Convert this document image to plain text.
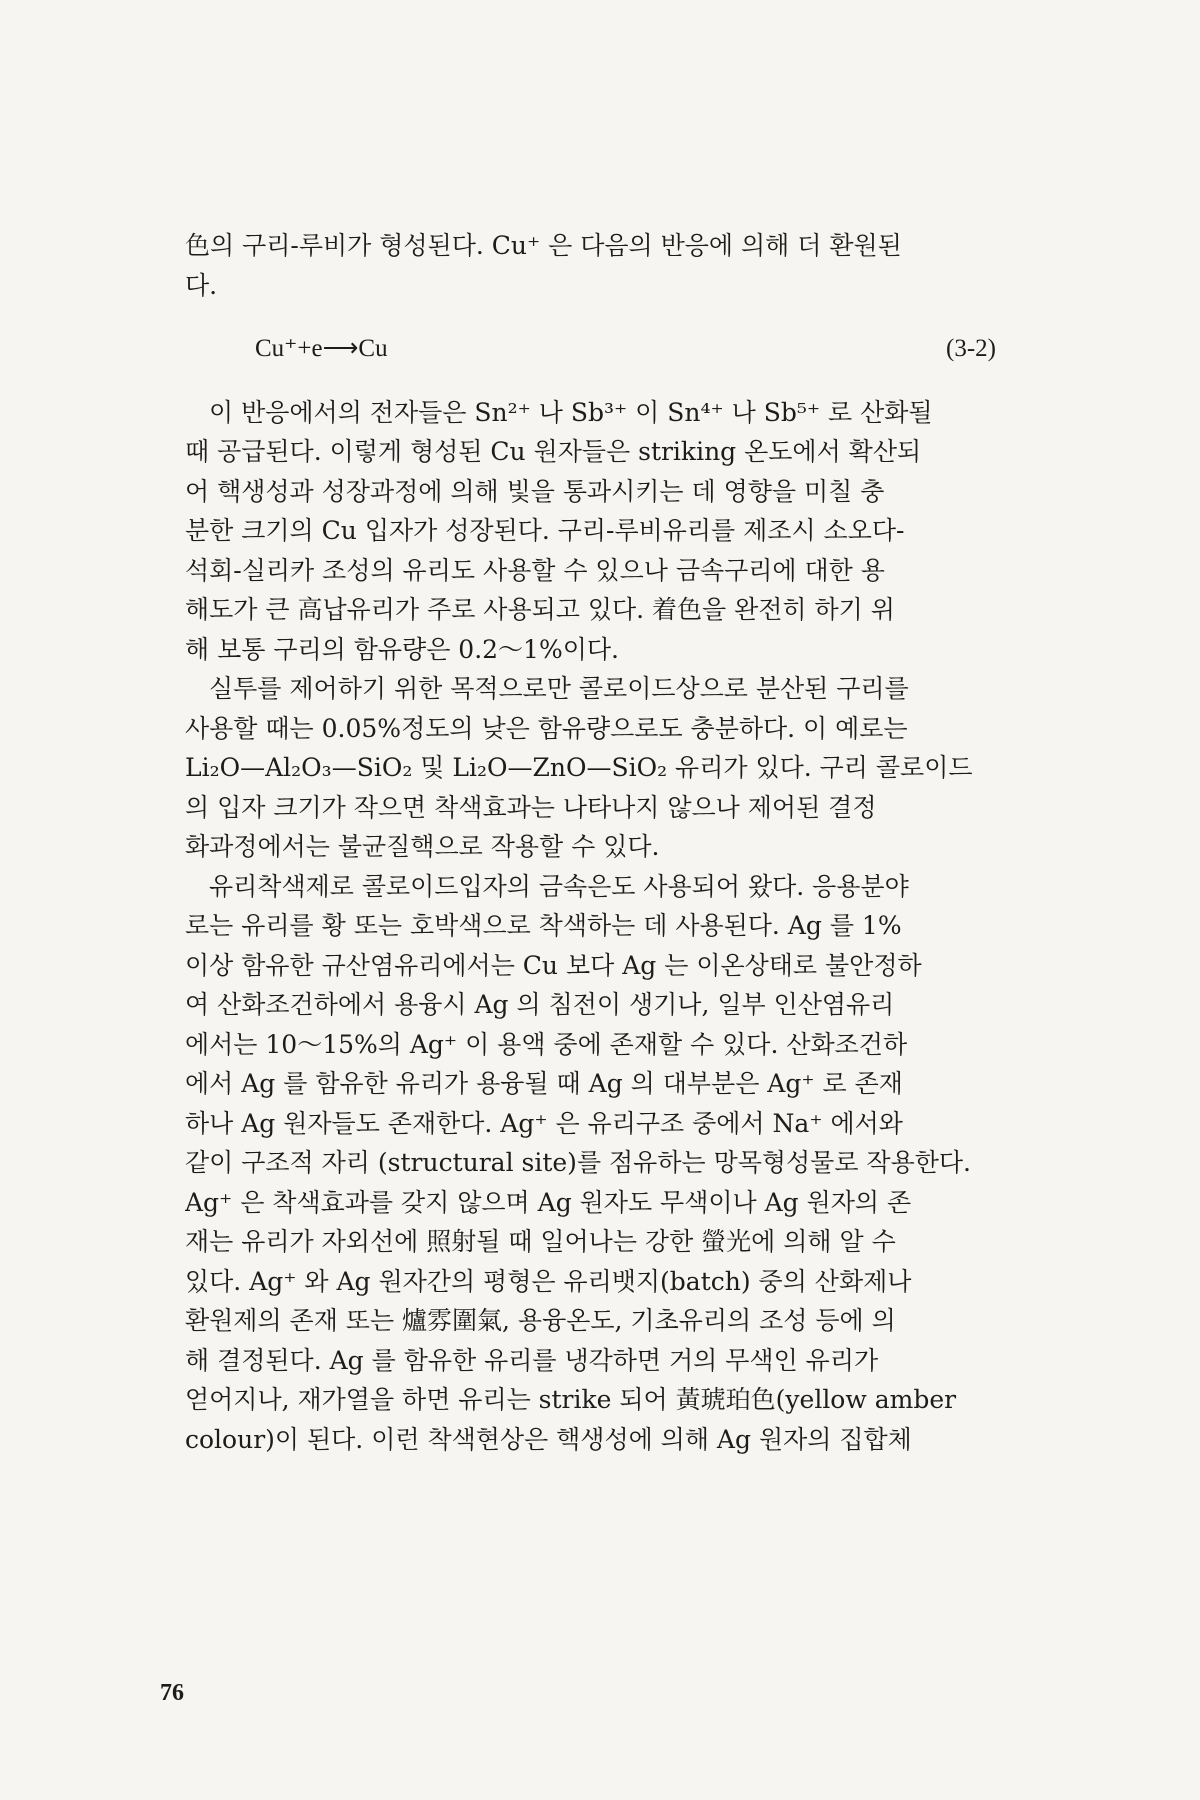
色의 구리-루비가 형성된다. Cu⁺ 은 다음의 반응에 의해 더 환원된
다.
Cu⁺+e⟶Cu	(3-2)
이 반응에서의 전자들은 Sn²⁺ 나 Sb³⁺ 이 Sn⁴⁺ 나 Sb⁵⁺ 로 산화될
때 공급된다. 이렇게 형성된 Cu 원자들은 striking 온도에서 확산되
어 핵생성과 성장과정에 의해 빛을 통과시키는 데 영향을 미칠 충
분한 크기의 Cu 입자가 성장된다. 구리-루비유리를 제조시 소오다-
석회-실리카 조성의 유리도 사용할 수 있으나 금속구리에 대한 용
해도가 큰 高납유리가 주로 사용되고 있다. 着色을 완전히 하기 위
해 보통 구리의 함유량은 0.2～1%이다.
실투를 제어하기 위한 목적으로만 콜로이드상으로 분산된 구리를
사용할 때는 0.05%정도의 낮은 함유량으로도 충분하다. 이 예로는
Li₂O—Al₂O₃—SiO₂ 및 Li₂O—ZnO—SiO₂ 유리가 있다. 구리 콜로이드
의 입자 크기가 작으면 착색효과는 나타나지 않으나 제어된 결정
화과정에서는 불균질핵으로 작용할 수 있다.
유리착색제로 콜로이드입자의 금속은도 사용되어 왔다. 응용분야
로는 유리를 황 또는 호박색으로 착색하는 데 사용된다. Ag 를 1%
이상 함유한 규산염유리에서는 Cu 보다 Ag 는 이온상태로 불안정하
여 산화조건하에서 용융시 Ag 의 침전이 생기나, 일부 인산염유리
에서는 10～15%의 Ag⁺ 이 용액 중에 존재할 수 있다. 산화조건하
에서 Ag 를 함유한 유리가 용융될 때 Ag 의 대부분은 Ag⁺ 로 존재
하나 Ag 원자들도 존재한다. Ag⁺ 은 유리구조 중에서 Na⁺ 에서와
같이 구조적 자리 (structural site)를 점유하는 망목형성물로 작용한다.
Ag⁺ 은 착색효과를 갖지 않으며 Ag 원자도 무색이나 Ag 원자의 존
재는 유리가 자외선에 照射될 때 일어나는 강한 螢光에 의해 알 수
있다. Ag⁺ 와 Ag 원자간의 평형은 유리뱃지(batch) 중의 산화제나
환원제의 존재 또는 爐雰圍氣, 용융온도, 기초유리의 조성 등에 의
해 결정된다. Ag 를 함유한 유리를 냉각하면 거의 무색인 유리가
얻어지나, 재가열을 하면 유리는 strike 되어 黃琥珀色(yellow amber
colour)이 된다. 이런 착색현상은 핵생성에 의해 Ag 원자의 집합체
76
